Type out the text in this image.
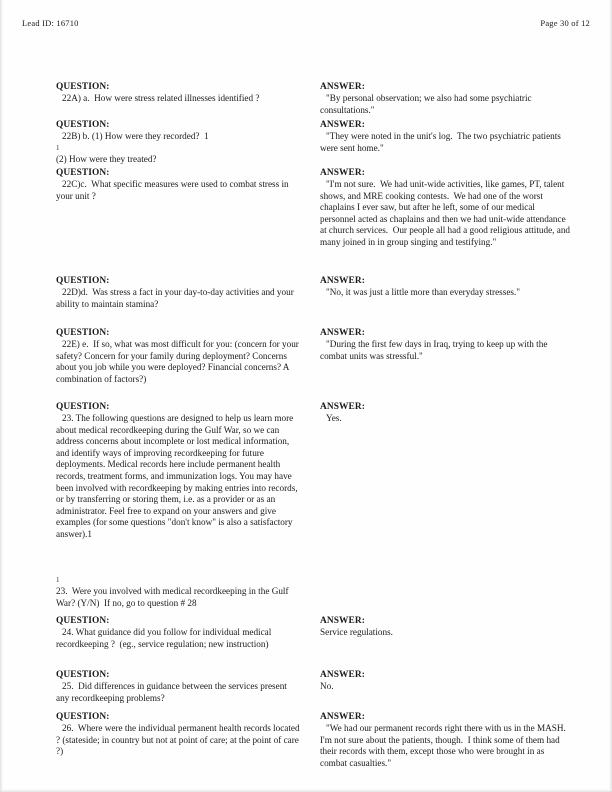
Lead ID: 16710	Page 30 of 12
QUESTION:
22A) a.  How were stress related illnesses identified ?
QUESTION:
22B) b. (1) How were they recorded?  1
1
(2) How were they treated?
QUESTION:
22C)c.  What specific measures were used to combat stress in your unit ?
QUESTION:
22D)d.  Was stress a fact in your day-to-day activities and your ability to maintain stamina?
QUESTION:
22E) e.  If so, what was most difficult for you: (concern for your safety? Concern for your family during deployment? Concerns about you job while you were deployed? Financial concerns? A combination of factors?)
QUESTION:
23. The following questions are designed to help us learn more about medical recordkeeping during the Gulf War, so we can address concerns about incomplete or lost medical information, and identify ways of improving recordkeeping for future deployments. Medical records here include permanent health records, treatment forms, and immunization logs. You may have been involved with recordkeeping by making entries into records, or by transferring or storing them, i.e. as a provider or as an administrator. Feel free to expand on your answers and give examples (for some questions "don't know" is also a satisfactory answer).1
1
23.  Were you involved with medical recordkeeping in the Gulf War? (Y/N)  If no, go to question # 28
QUESTION:
24. What guidance did you follow for individual medical recordkeeping ?  (eg., service regulation; new instruction)
QUESTION:
25.  Did differences in guidance between the services present any recordkeeping problems?
QUESTION:
26.  Where were the individual permanent health records located ? (stateside; in country but not at point of care; at the point of care ?)
ANSWER:
"By personal observation; we also had some psychiatric consultations."
ANSWER:
"They were noted in the unit's log.  The two psychiatric patients were sent home."
ANSWER:
"I'm not sure.  We had unit-wide activities, like games, PT, talent shows, and MRE cooking contests.  We had one of the worst chaplains I ever saw, but after he left, some of our medical personnel acted as chaplains and then we had unit-wide attendance at church services.  Our people all had a good religious attitude, and many joined in in group singing and testifying."
ANSWER:
"No, it was just a little more than everyday stresses."
ANSWER:
"During the first few days in Iraq, trying to keep up with the combat units was stressful."
ANSWER:
Yes.
ANSWER:
Service regulations.
ANSWER:
No.
ANSWER:
"We had our permanent records right there with us in the MASH.  I'm not sure about the patients, though.  I think some of them had their records with them, except those who were brought in as combat casualties."
